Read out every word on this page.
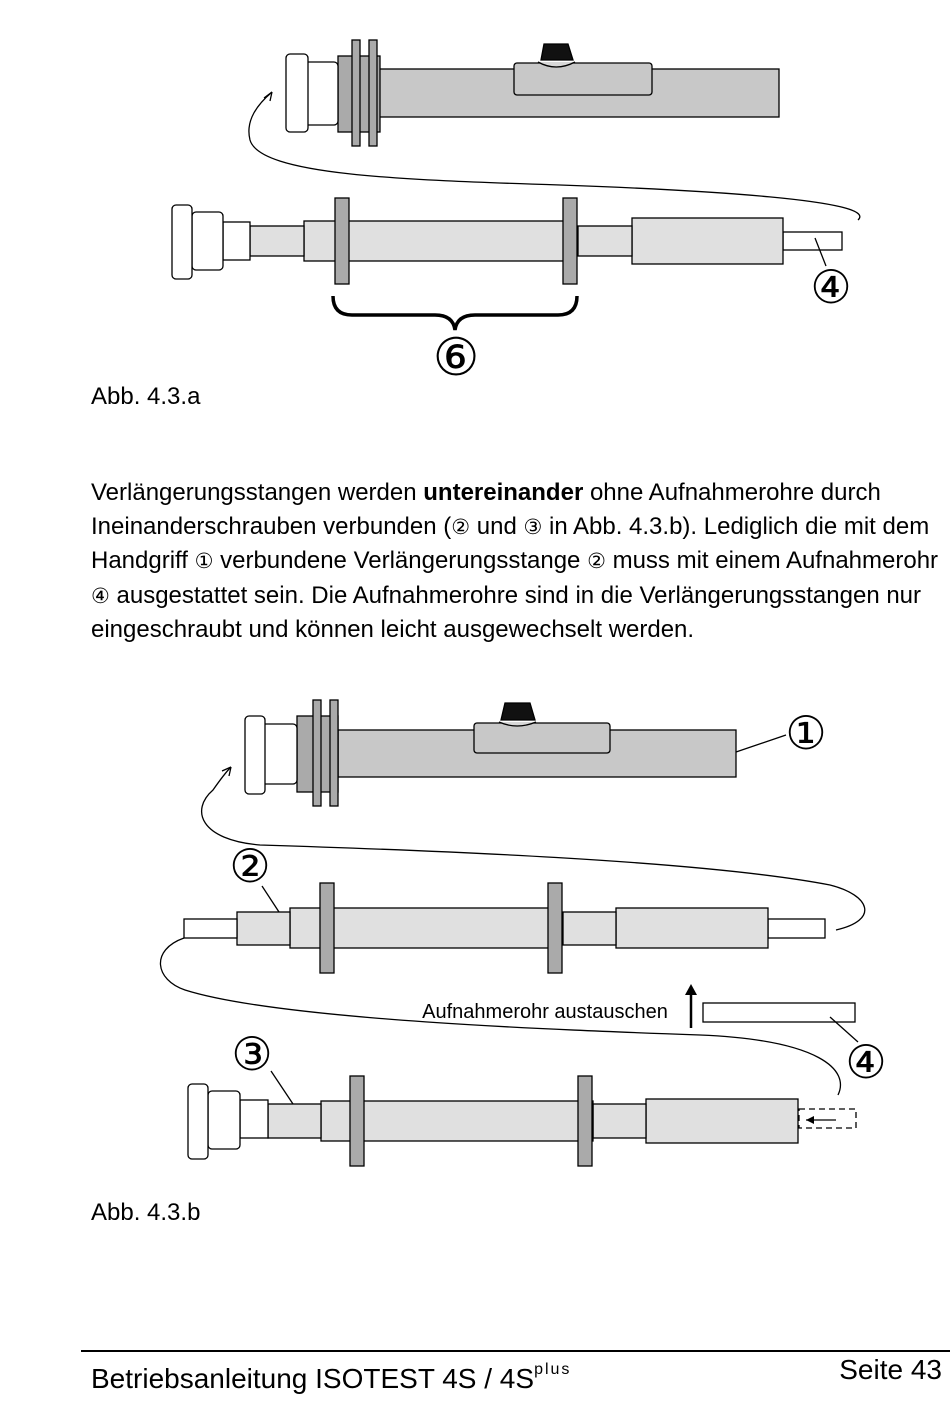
④
⑥
Abb. 4.3.a
Verlängerungsstangen werden untereinander ohne Aufnahmerohre durch Ineinanderschrauben verbunden (② und ③ in Abb. 4.3.b). Lediglich die mit dem Handgriff ① verbundene Verlängerungsstange ② muss mit einem Aufnahmerohr ④ ausgestattet sein. Die Aufnahmerohre sind in die Verlängerungsstangen nur eingeschraubt und können leicht ausgewechselt werden.
①
②
Aufnahmerohr austauschen
④
③
Abb. 4.3.b
Betriebsanleitung ISOTEST $4S / 4S^{plus}$	Seite 43
